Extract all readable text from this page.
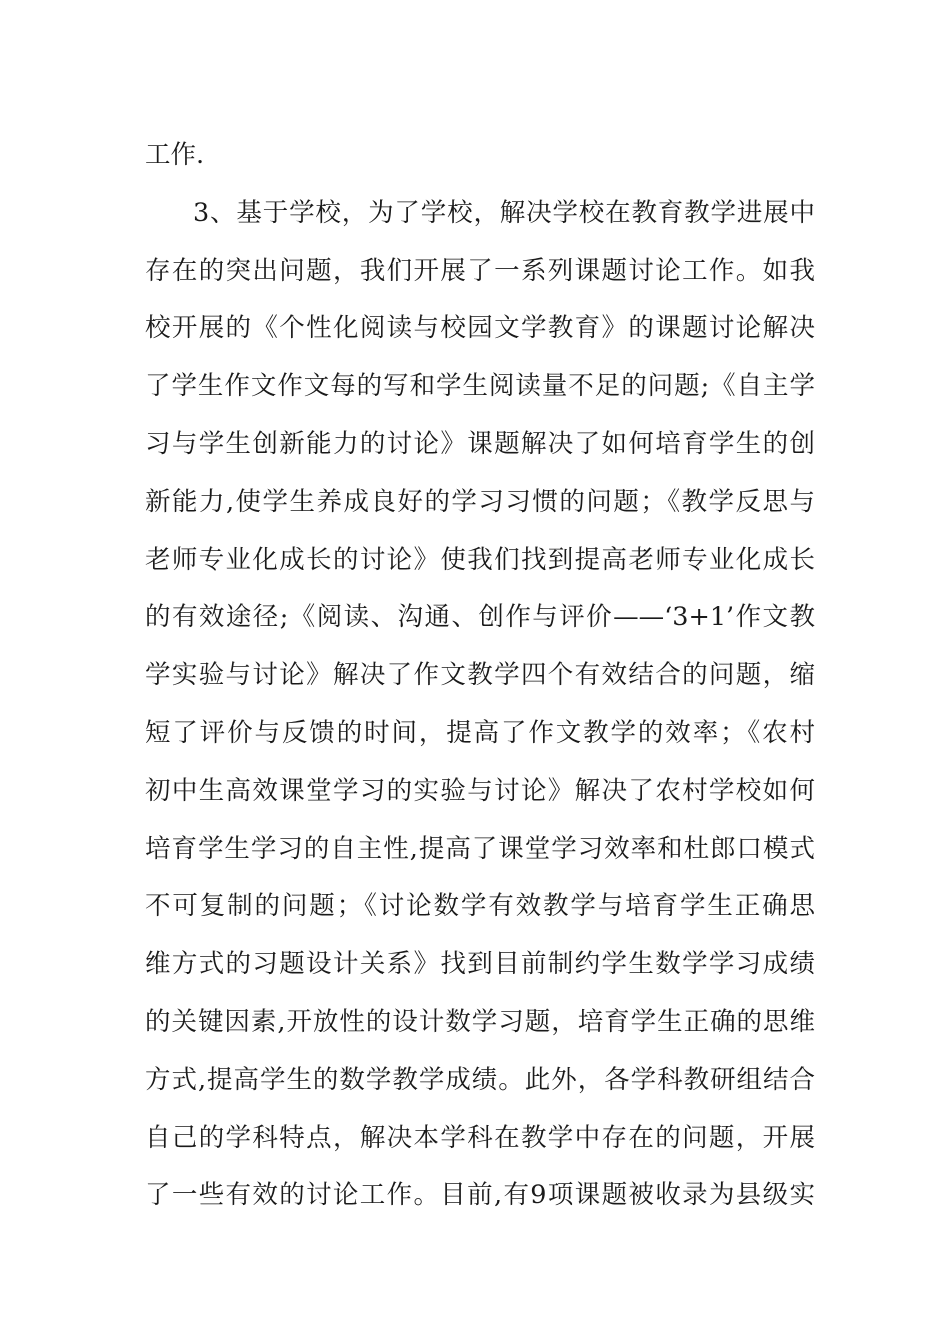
工作.
3、基于学校，为了学校，解决学校在教育教学进展中
存在的突出问题，我们开展了一系列课题讨论工作。如我
校开展的《个性化阅读与校园文学教育》的课题讨论解决
了学生作文作文每的写和学生阅读量不足的问题;《自主学
习与学生创新能力的讨论》课题解决了如何培育学生的创
新能力,使学生养成良好的学习习惯的问题；《教学反思与
老师专业化成长的讨论》使我们找到提高老师专业化成长
的有效途径;《阅读、沟通、创作与评价——‘3+1’作文教
学实验与讨论》解决了作文教学四个有效结合的问题，缩
短了评价与反馈的时间，提高了作文教学的效率；《农村
初中生高效课堂学习的实验与讨论》解决了农村学校如何
培育学生学习的自主性,提高了课堂学习效率和杜郎口模式
不可复制的问题；《讨论数学有效教学与培育学生正确思
维方式的习题设计关系》找到目前制约学生数学学习成绩
的关键因素,开放性的设计数学习题，培育学生正确的思维
方式,提高学生的数学教学成绩。此外，各学科教研组结合
自己的学科特点，解决本学科在教学中存在的问题，开展
了一些有效的讨论工作。目前,有9项课题被收录为县级实
